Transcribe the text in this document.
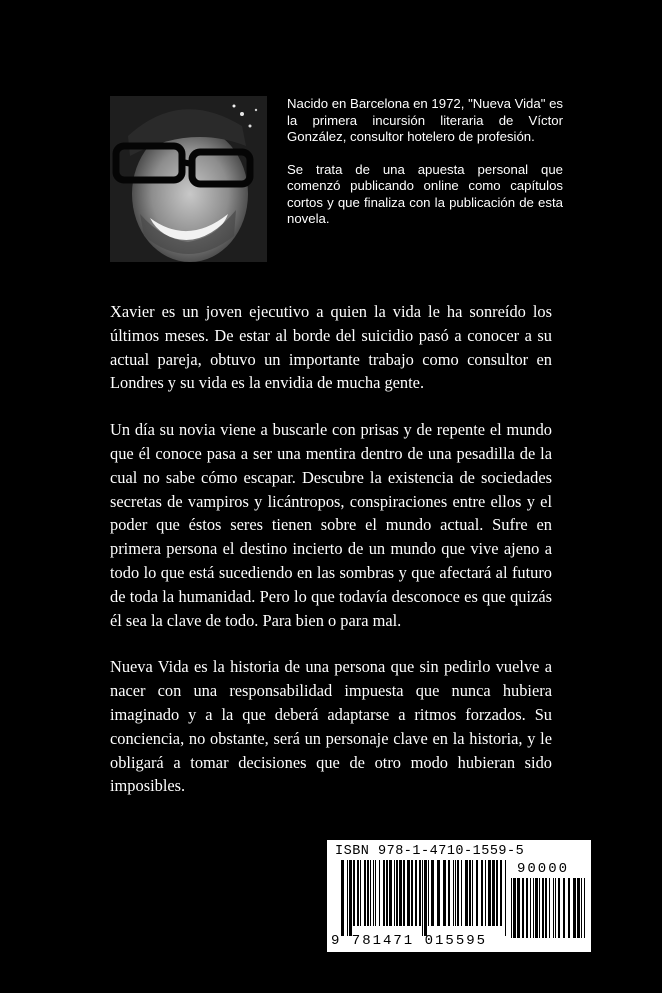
Nacido en Barcelona en 1972, "Nueva Vida" es la primera incursión literaria de Víctor González, consultor hotelero de profesión.

Se trata de una apuesta personal que comenzó publicando online como capítulos cortos y que finaliza con la publicación de esta novela.

Xavier es un joven ejecutivo a quien la vida le ha sonreído los últimos meses. De estar al borde del suicidio pasó a conocer a su actual pareja, obtuvo un importante trabajo como consultor en Londres y su vida es la envidia de mucha gente.

Un día su novia viene a buscarle con prisas y de repente el mundo que él conoce pasa a ser una mentira dentro de una pesadilla de la cual no sabe cómo escapar. Descubre la existencia de sociedades secretas de vampiros y licántropos, conspiraciones entre ellos y el poder que éstos seres tienen sobre el mundo actual. Sufre en primera persona el destino incierto de un mundo que vive ajeno a todo lo que está sucediendo en las sombras y que afectará al futuro de toda la humanidad. Pero lo que todavía desconoce es que quizás él sea la clave de todo. Para bien o para mal.

Nueva Vida es la historia de una persona que sin pedirlo vuelve a nacer con una responsabilidad impuesta que nunca hubiera imaginado y a la que deberá adaptarse a ritmos forzados. Su conciencia, no obstante, será un personaje clave en la historia, y le obligará a tomar decisiones que de otro modo hubieran sido imposibles.

ISBN 978-1-4710-1559-5
90000
9 781471 015595
